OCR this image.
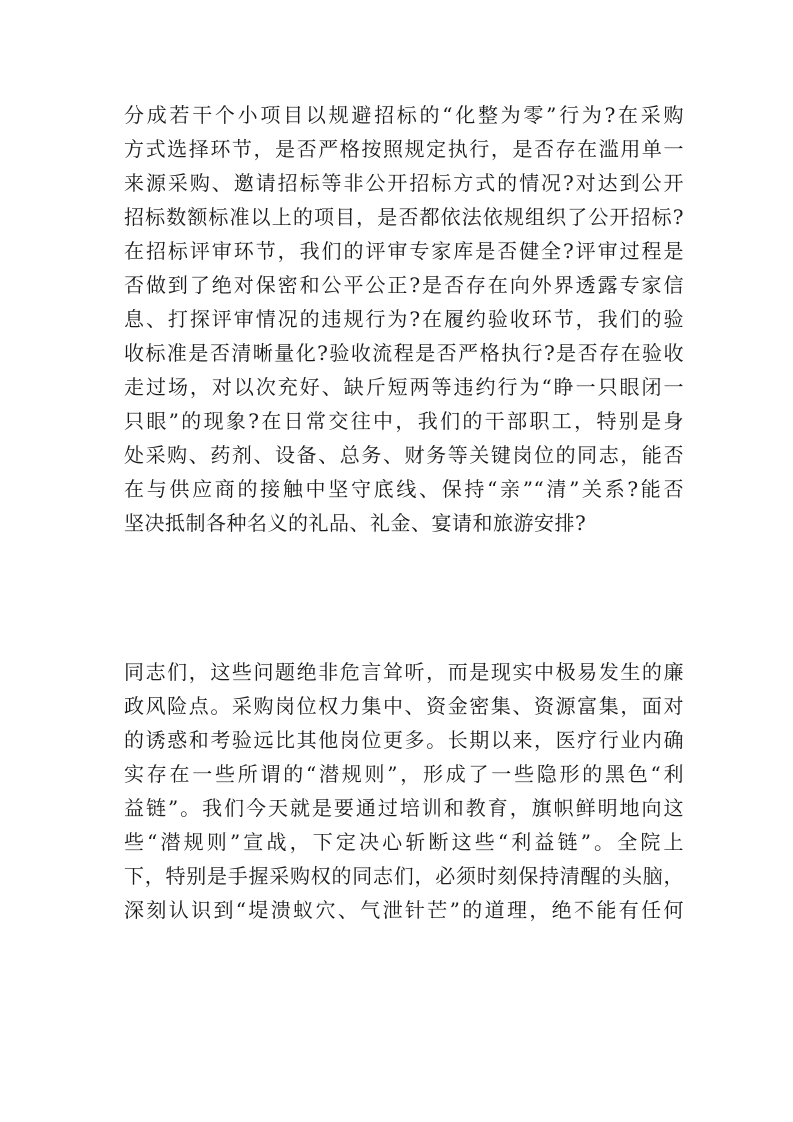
分成若干个小项目以规避招标的“化整为零”行为?在采购
方式选择环节，是否严格按照规定执行，是否存在滥用单一
来源采购、邀请招标等非公开招标方式的情况?对达到公开
招标数额标准以上的项目，是否都依法依规组织了公开招标?
在招标评审环节，我们的评审专家库是否健全?评审过程是
否做到了绝对保密和公平公正?是否存在向外界透露专家信
息、打探评审情况的违规行为?在履约验收环节，我们的验
收标准是否清晰量化?验收流程是否严格执行?是否存在验收
走过场，对以次充好、缺斤短两等违约行为“睁一只眼闭一
只眼”的现象?在日常交往中，我们的干部职工，特别是身
处采购、药剂、设备、总务、财务等关键岗位的同志，能否
在与供应商的接触中坚守底线、保持“亲”“清”关系?能否
坚决抵制各种名义的礼品、礼金、宴请和旅游安排?
同志们，这些问题绝非危言耸听，而是现实中极易发生的廉
政风险点。采购岗位权力集中、资金密集、资源富集，面对
的诱惑和考验远比其他岗位更多。长期以来，医疗行业内确
实存在一些所谓的“潜规则”，形成了一些隐形的黑色“利
益链”。我们今天就是要通过培训和教育，旗帜鲜明地向这
些“潜规则”宣战，下定决心斩断这些“利益链”。全院上
下，特别是手握采购权的同志们，必须时刻保持清醒的头脑，
深刻认识到“堤溃蚁穴、气泄针芒”的道理，绝不能有任何
